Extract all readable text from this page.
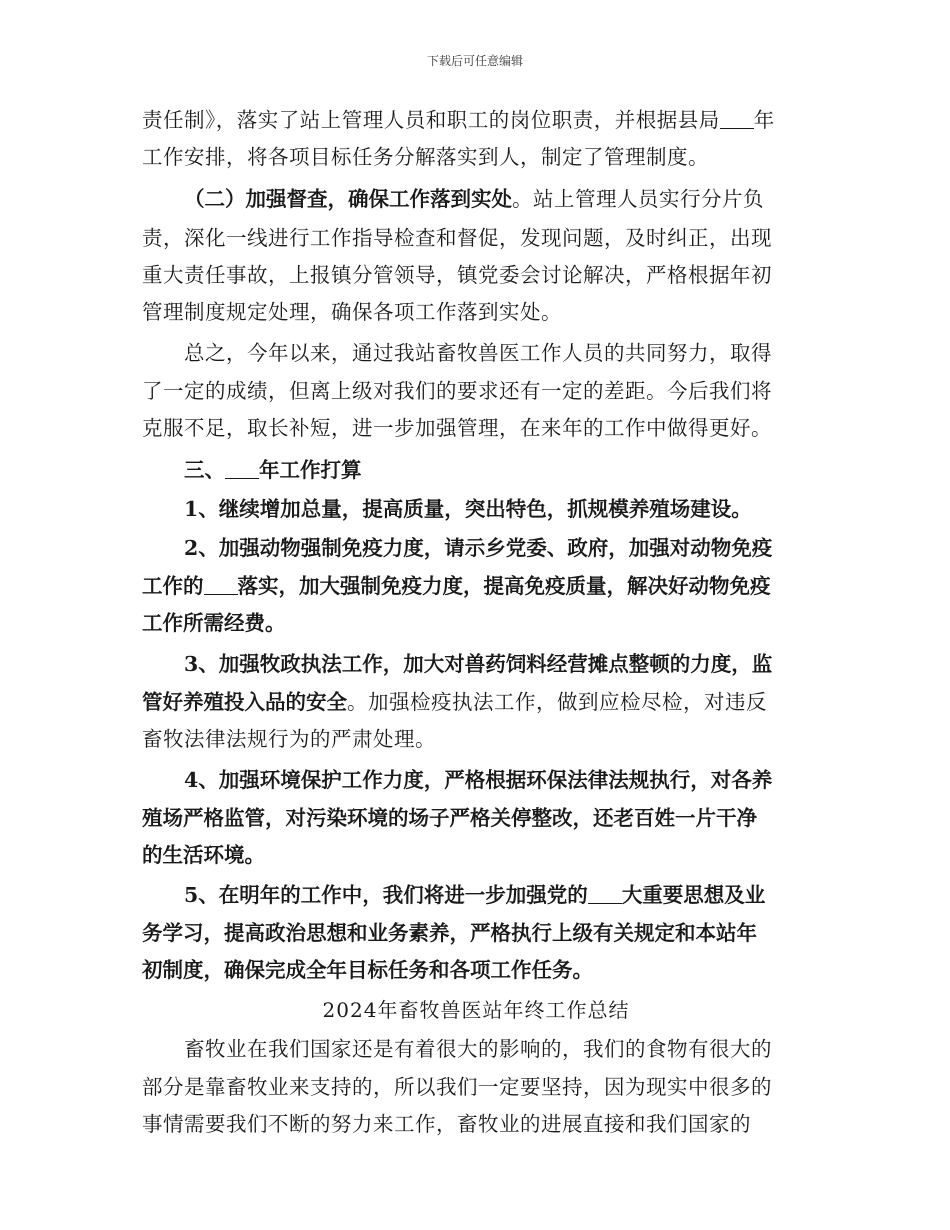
下载后可任意编辑
责任制》，落实了站上管理人员和职工的岗位职责，并根据县局 年
工作安排，将各项目标任务分解落实到人，制定了管理制度。
（二）加强督查，确保工作落到实处。站上管理人员实行分片负
责，深化一线进行工作指导检查和督促，发现问题，及时纠正，出现
重大责任事故，上报镇分管领导，镇党委会讨论解决，严格根据年初
管理制度规定处理，确保各项工作落到实处。
总之，今年以来，通过我站畜牧兽医工作人员的共同努力，取得
了一定的成绩，但离上级对我们的要求还有一定的差距。今后我们将
克服不足，取长补短，进一步加强管理，在来年的工作中做得更好。
三、 年工作打算
1、继续增加总量，提高质量，突出特色，抓规模养殖场建设。
2、加强动物强制免疫力度，请示乡党委、政府，加强对动物免疫
工作的 落实，加大强制免疫力度，提高免疫质量，解决好动物免疫
工作所需经费。
3、加强牧政执法工作，加大对兽药饲料经营摊点整顿的力度，监
管好养殖投入品的安全。加强检疫执法工作，做到应检尽检，对违反
畜牧法律法规行为的严肃处理。
4、加强环境保护工作力度，严格根据环保法律法规执行，对各养
殖场严格监管，对污染环境的场子严格关停整改，还老百姓一片干净
的生活环境。
5、在明年的工作中，我们将进一步加强党的 大重要思想及业
务学习，提高政治思想和业务素养，严格执行上级有关规定和本站年
初制度，确保完成全年目标任务和各项工作任务。
2024年畜牧兽医站年终工作总结
畜牧业在我们国家还是有着很大的影响的，我们的食物有很大的
部分是靠畜牧业来支持的，所以我们一定要坚持，因为现实中很多的
事情需要我们不断的努力来工作，畜牧业的进展直接和我们国家的
